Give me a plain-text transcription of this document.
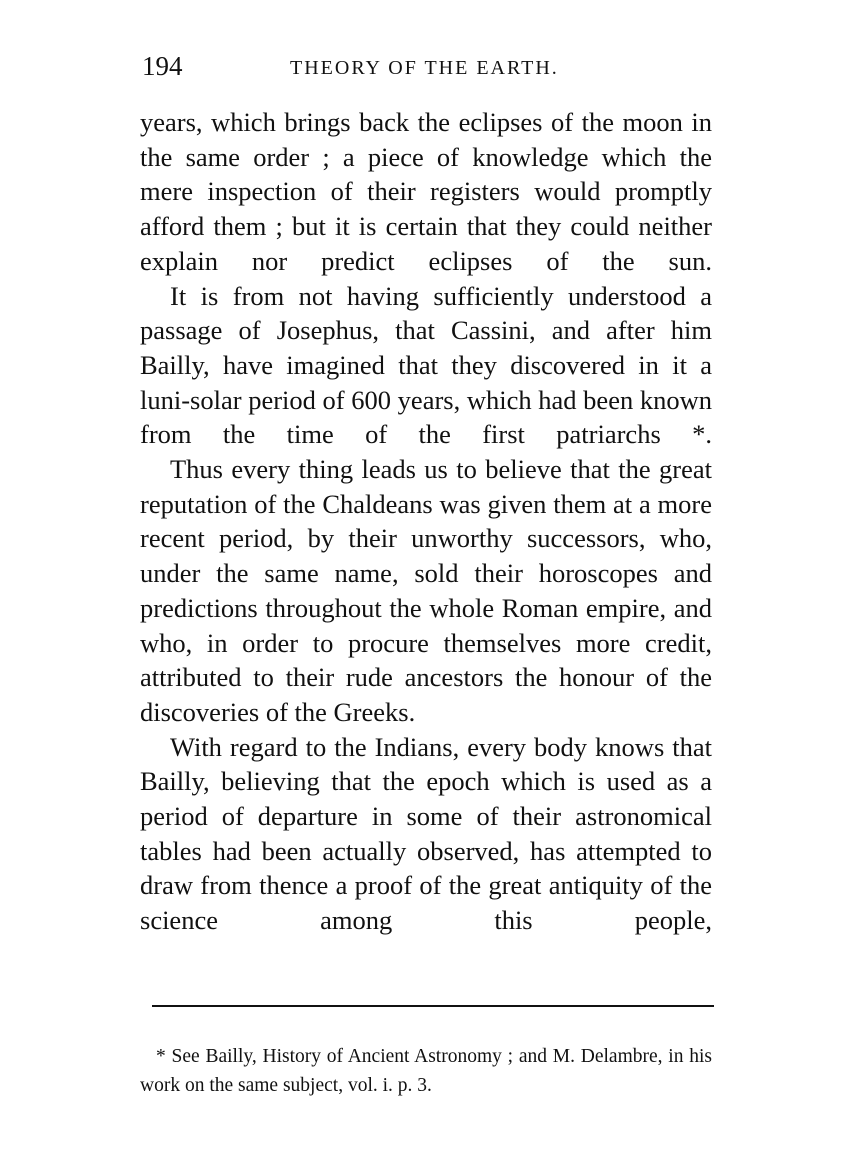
194	THEORY OF THE EARTH.

years, which brings back the eclipses of the moon in the same order ; a piece of knowledge which the mere inspection of their registers would promptly afford them ; but it is certain that they could neither explain nor predict eclipses of the sun.

It is from not having sufficiently understood a passage of Josephus, that Cassini, and after him Bailly, have imagined that they discovered in it a luni-solar period of 600 years, which had been known from the time of the first patriarchs *.

Thus every thing leads us to believe that the great reputation of the Chaldeans was given them at a more recent period, by their unworthy successors, who, under the same name, sold their horoscopes and predictions throughout the whole Roman empire, and who, in order to procure themselves more credit, attributed to their rude ancestors the honour of the discoveries of the Greeks.

With regard to the Indians, every body knows that Bailly, believing that the epoch which is used as a period of departure in some of their astronomical tables had been actually observed, has attempted to draw from thence a proof of the great antiquity of the science among this people,

* See Bailly, History of Ancient Astronomy ; and M. Delambre, in his work on the same subject, vol. i. p. 3.
